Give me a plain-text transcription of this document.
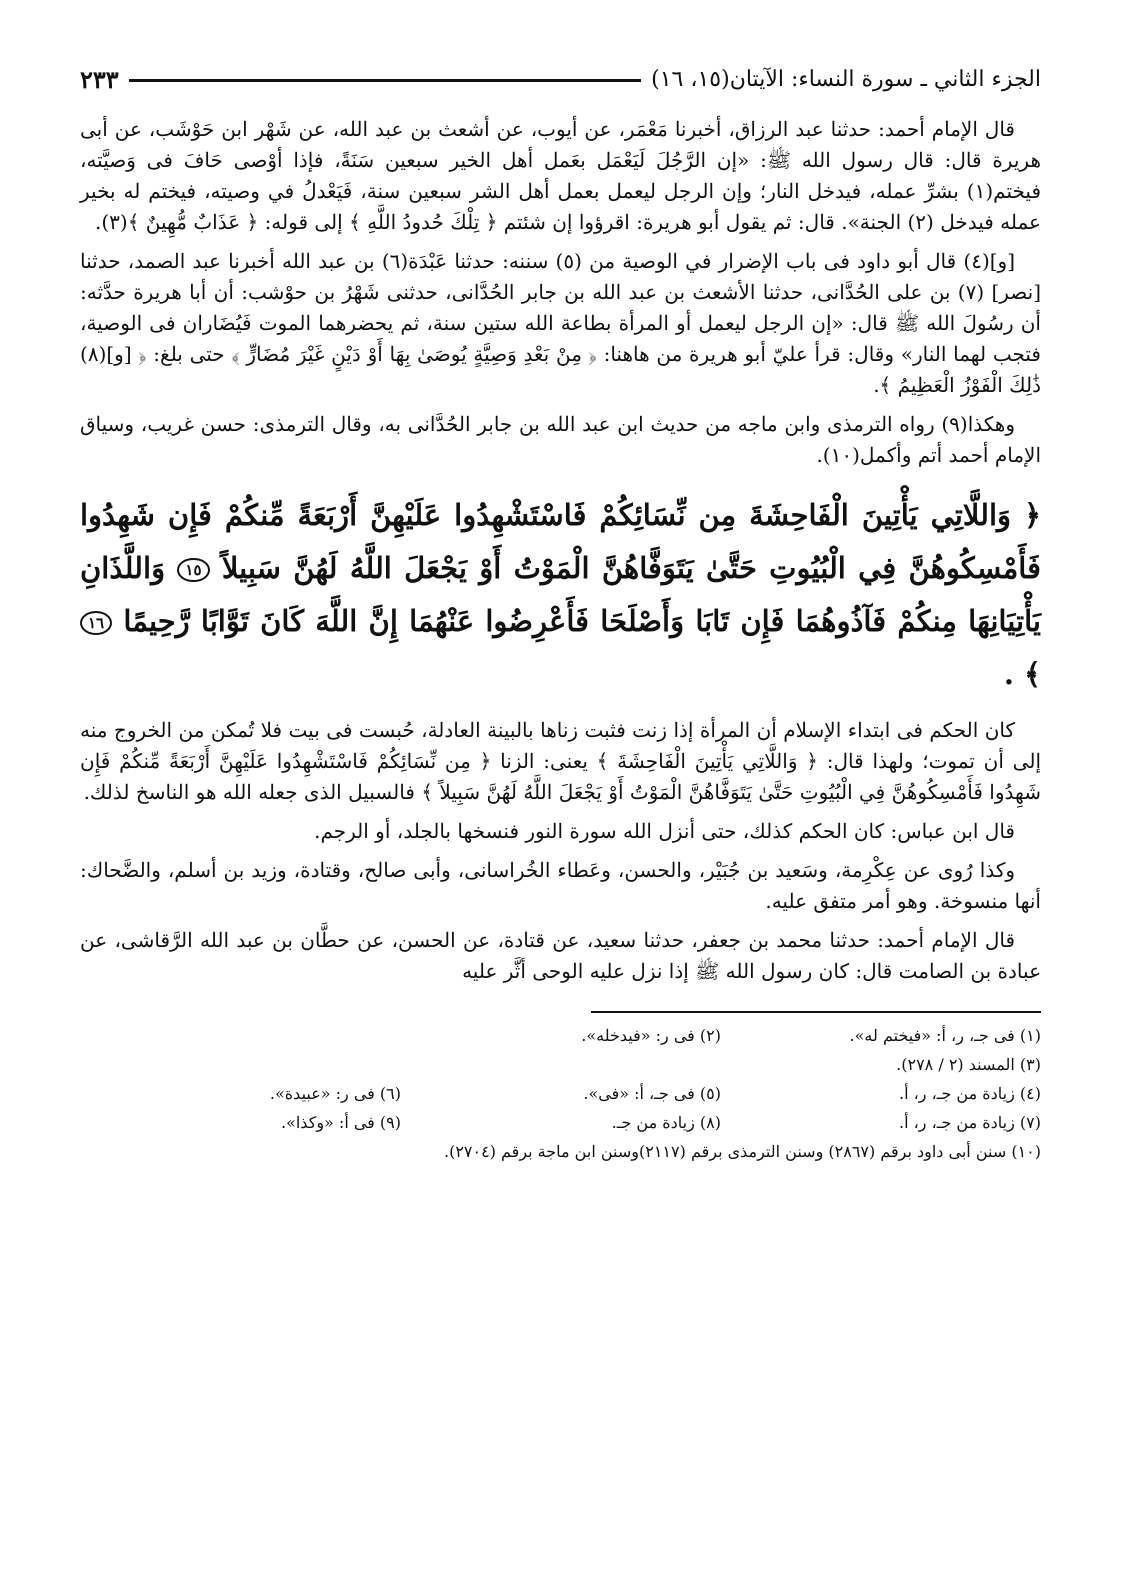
الجزء الثاني ـ سورة النساء: الآيتان(١٥، ١٦)
٢٣٣

قال الإمام أحمد: حدثنا عبد الرزاق، أخبرنا مَعْمَر، عن أيوب، عن أشعث بن عبد الله، عن شَهْر ابن حَوْشَب، عن أبى هريرة قال: قال رسول الله ﷺ: «إن الرَّجُلَ لَيَعْمَل بعَمل أهل الخير سبعين سَنَةً، فإذا أوْصى حَافَ فى وَصيَّته، فيختم(١) بشرِّ عمله، فيدخل النار؛ وإن الرجل ليعمل بعمل أهل الشر سبعين سنة، فَيَعْدلُ في وصيته، فيختم له بخير عمله فيدخل (٢) الجنة». قال: ثم يقول أبو هريرة: اقرؤوا إن شئتم ﴿ تِلْكَ حُدودُ اللَّهِ ﴾ إلى قوله: ﴿ عَذَابٌ مُّهِينٌ ﴾(٣).

[و](٤) قال أبو داود فى باب الإضرار في الوصية من (٥) سننه: حدثنا عَبْدَة(٦) بن عبد الله أخبرنا عبد الصمد، حدثنا [نصر] (٧) بن على الحُدَّانى، حدثنا الأشعث بن عبد الله بن جابر الحُدَّانى، حدثنى شَهْرُ بن حوْشب: أن أبا هريرة حدَّثه: أن رسُولَ الله ﷺ قال: «إن الرجل ليعمل أو المرأة بطاعة الله ستين سنة، ثم يحضرهما الموت فَيُضَاران فى الوصية، فتجب لهما النار» وقال: قرأ عليّ أبو هريرة من هاهنا: ﴿ مِنْ بَعْدِ وَصِيَّةٍ يُوصَىٰ بِهَا أَوْ دَيْنٍ غَيْرَ مُضَارٍّ ﴾ حتى بلغ: ﴿ [و](٨) ذَٰلِكَ الْفَوْزُ الْعَظِيمُ ﴾.

وهكذا(٩) رواه الترمذى وابن ماجه من حديث ابن عبد الله بن جابر الحُدَّانى به، وقال الترمذى: حسن غريب، وسياق الإمام أحمد أتم وأكمل(١٠).

﴿ وَاللَّاتِي يَأْتِينَ الْفَاحِشَةَ مِن نِّسَائِكُمْ فَاسْتَشْهِدُوا عَلَيْهِنَّ أَرْبَعَةً مِّنكُمْ فَإِن شَهِدُوا فَأَمْسِكُوهُنَّ فِي الْبُيُوتِ حَتَّىٰ يَتَوَفَّاهُنَّ الْمَوْتُ أَوْ يَجْعَلَ اللَّهُ لَهُنَّ سَبِيلاً ١٥ وَاللَّذَانِ يَأْتِيَانِهَا مِنكُمْ فَآذُوهُمَا فَإِن تَابَا وَأَصْلَحَا فَأَعْرِضُوا عَنْهُمَا إِنَّ اللَّهَ كَانَ تَوَّابًا رَّحِيمًا ١٦ ﴾ .

كان الحكم فى ابتداء الإسلام أن المرأة إذا زنت فثبت زناها بالبينة العادلة، حُبست فى بيت فلا تُمكن من الخروج منه إلى أن تموت؛ ولهذا قال: ﴿ وَاللَّاتِي يَأْتِينَ الْفَاحِشَةَ ﴾ يعنى: الزنا ﴿ مِن نِّسَائِكُمْ فَاسْتَشْهِدُوا عَلَيْهِنَّ أَرْبَعَةً مِّنكُمْ فَإِن شَهِدُوا فَأَمْسِكُوهُنَّ فِي الْبُيُوتِ حَتَّىٰ يَتَوَفَّاهُنَّ الْمَوْتُ أَوْ يَجْعَلَ اللَّهُ لَهُنَّ سَبِيلاً ﴾ فالسبيل الذى جعله الله هو الناسخ لذلك.

قال ابن عباس: كان الحكم كذلك، حتى أنزل الله سورة النور فنسخها بالجلد، أو الرجم.

وكذا رُوى عن عِكْرِمة، وسَعيد بن جُبَيْر، والحسن، وعَطاء الخُراسانى، وأبى صالح، وقتادة، وزيد بن أسلم، والضَّحاك: أنها منسوخة. وهو أمر متفق عليه.

قال الإمام أحمد: حدثنا محمد بن جعفر، حدثنا سعيد، عن قتادة، عن الحسن، عن حطَّان بن عبد الله الرَّقاشى، عن عبادة بن الصامت قال: كان رسول الله ﷺ إذا نزل عليه الوحى أثَّر عليه

(١) فى جـ، ر، أ: «فيختم له».
(٢) فى ر: «فيدخله».
(٣) المسند (٢ / ٢٧٨).
(٤) زيادة من جـ، ر، أ.
(٥) فى جـ، أ: «فى».
(٦) فى ر: «عبيدة».
(٧) زيادة من جـ، ر، أ.
(٨) زيادة من جـ.
(٩) فى أ: «وكذا».
(١٠) سنن أبى داود برقم (٢٨٦٧) وسنن الترمذى برقم (٢١١٧)وسنن ابن ماجة برقم (٢٧٠٤).
